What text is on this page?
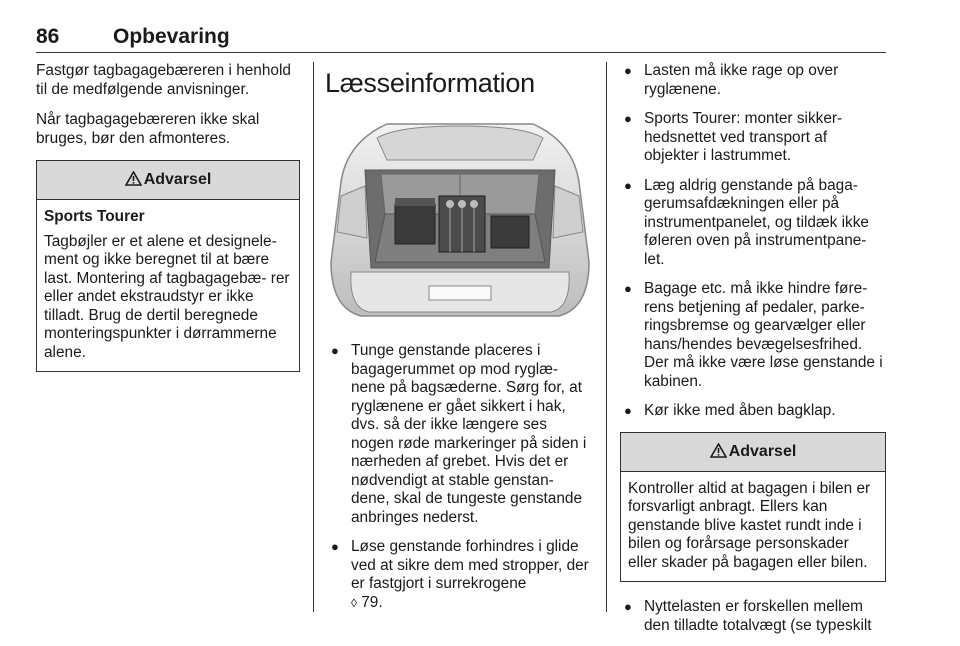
86	Opbevaring

Fastgør tagbagagebæreren i henhold til de medfølgende anvisninger.

Når tagbagagebæreren ikke skal bruges, bør den afmonteres.

Advarsel

Sports Tourer

Tagbøjler er et alene et designele- ment og ikke beregnet til at bære last. Montering af tagbagagebæ- rer eller andet ekstraudstyr er ikke tilladt. Brug de dertil beregnede monteringspunkter i dørrammerne alene.

Læsseinformation
● Tunge genstande placeres i bagagerummet op mod ryglæ- nene på bagsæderne. Sørg for, at ryglænene er gået sikkert i hak, dvs. så der ikke længere ses nogen røde markeringer på siden i nærheden af grebet. Hvis det er nødvendigt at stable genstan- dene, skal de tungeste genstande anbringes nederst.
● Løse genstande forhindres i glide ved at sikre dem med stropper, der er fastgjort i surrekrogene
◊ 79.
● Lasten må ikke rage op over ryglænene.
● Sports Tourer: monter sikker- hedsnettet ved transport af objekter i lastrummet.
● Læg aldrig genstande på baga- gerumsafdækningen eller på instrumentpanelet, og tildæk ikke føleren oven på instrumentpane- let.
● Bagage etc. må ikke hindre føre- rens betjening af pedaler, parke- ringsbremse og gearvælger eller hans/hendes bevægelsesfrihed. Der må ikke være løse genstande i kabinen.
● Kør ikke med åben bagklap.
Advarsel

Kontroller altid at bagagen i bilen er forsvarligt anbragt. Ellers kan genstande blive kastet rundt inde i bilen og forårsage personskader eller skader på bagagen eller bilen.

● Nyttelasten er forskellen mellem den tilladte totalvægt (se typeskilt
